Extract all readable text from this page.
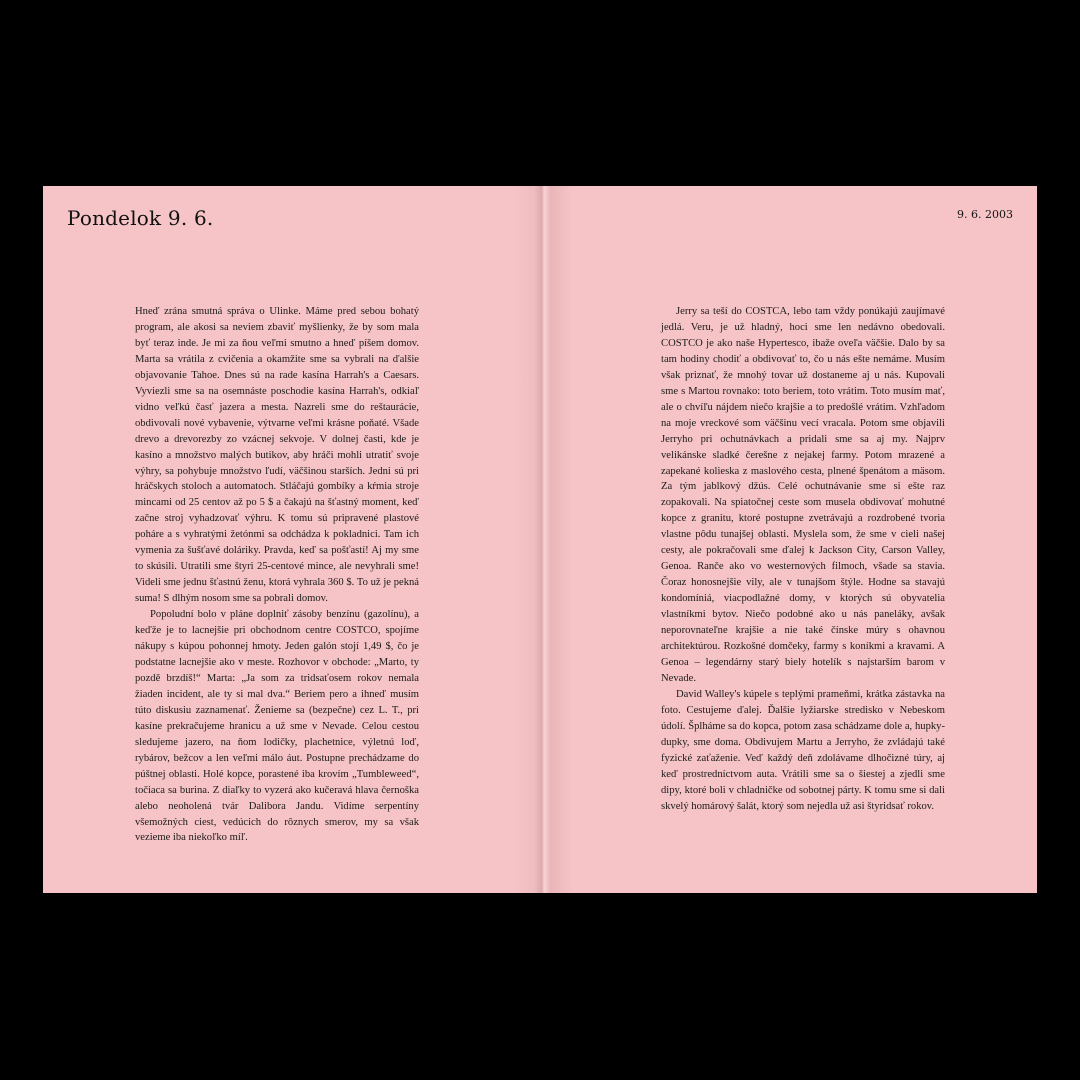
Pondelok 9. 6.	9. 6. 2003

Hneď zrána smutná správa o Ulinke. Máme pred sebou bohatý program, ale akosi sa neviem zbaviť myšlienky, že by som mala byť teraz inde. Je mi za ňou veľmi smutno a hneď píšem domov. Marta sa vrátila z cvičenia a okamžite sme sa vybrali na ďalšie objavovanie Tahoe. Dnes sú na rade kasína Harrah's a Caesars. Vyviezli sme sa na osemnáste poschodie kasína Harrah's, odkiaľ vidno veľkú časť jazera a mesta. Nazreli sme do reštaurácie, obdivovali nové vybavenie, výtvarne veľmi krásne poňaté. Všade drevo a drevorezby zo vzácnej sekvoje. V dolnej časti, kde je kasíno a množstvo malých butikov, aby hráči mohli utratiť svoje výhry, sa pohybuje množstvo ľudí, väčšinou starších. Jedni sú pri hráčskych stoloch a automatoch. Stláčajú gombíky a kŕmia stroje mincami od 25 centov až po 5 $ a čakajú na šťastný moment, keď začne stroj vyhadzovať výhru. K tomu sú pripravené plastové poháre a s vyhratými žetónmi sa odchádza k pokladnici. Tam ich vymenia za šušťavé doláriky. Pravda, keď sa pošťastí! Aj my sme to skúsili. Utratili sme štyri 25-centové mince, ale nevyhrali sme! Videli sme jednu šťastnú ženu, ktorá vyhrala 360 $. To už je pekná suma! S dlhým nosom sme sa pobrali domov.

Popoludní bolo v pláne doplniť zásoby benzínu (gazolínu), a keďže je to lacnejšie pri obchodnom centre COSTCO, spojíme nákupy s kúpou pohonnej hmoty. Jeden galón stojí 1,49 $, čo je podstatne lacnejšie ako v meste. Rozhovor v obchode: „Marto, ty pozdě brzdíš!“ Marta: „Ja som za tridsaťosem rokov nemala žiaden incident, ale ty si mal dva.“ Beriem pero a ihneď musím túto diskusiu zaznamenať. Ženieme sa (bezpečne) cez L. T., pri kasíne prekračujeme hranicu a už sme v Nevade. Celou cestou sledujeme jazero, na ňom lodičky, plachetnice, výletnú loď, rybárov, bežcov a len veľmi málo áut. Postupne prechádzame do púštnej oblasti. Holé kopce, porastené iba krovím „Tumbleweed“, točiaca sa burina. Z diaľky to vyzerá ako kučeravá hlava černoška alebo neoholená tvár Dalibora Jandu. Vidíme serpentíny všemožných ciest, vedúcich do rôznych smerov, my sa však vezieme iba niekoľko míľ.

Jerry sa teší do COSTCA, lebo tam vždy ponúkajú zaujímavé jedlá. Veru, je už hladný, hoci sme len nedávno obedovali. COSTCO je ako naše Hypertesco, ibaže oveľa väčšie. Dalo by sa tam hodiny chodiť a obdivovať to, čo u nás ešte nemáme. Musím však priznať, že mnohý tovar už dostaneme aj u nás. Kupovali sme s Martou rovnako: toto beriem, toto vrátim. Toto musím mať, ale o chvíľu nájdem niečo krajšie a to predošlé vrátim. Vzhľadom na moje vreckové som väčšinu vecí vracala. Potom sme objavili Jerryho pri ochutnávkach a pridali sme sa aj my. Najprv velikánske sladké čerešne z nejakej farmy. Potom mrazené a zapekané kolieska z maslového cesta, plnené špenátom a mäsom. Za tým jablkový džús. Celé ochutnávanie sme si ešte raz zopakovali. Na spiatočnej ceste som musela obdivovať mohutné kopce z granitu, ktoré postupne zvetrávajú a rozdrobené tvoria vlastne pôdu tunajšej oblasti. Myslela som, že sme v cieli našej cesty, ale pokračovali sme ďalej k Jackson City, Carson Valley, Genoa. Ranče ako vo westernových filmoch, všade sa stavia. Čoraz honosnejšie vily, ale v tunajšom štýle. Hodne sa stavajú kondomíniá, viacpodlažné domy, v ktorých sú obyvatelia vlastníkmi bytov. Niečo podobné ako u nás paneláky, avšak neporovnateľne krajšie a nie také čínske múry s ohavnou architektúrou. Rozkošné domčeky, farmy s koníkmi a kravami. A Genoa – legendárny starý biely hotelík s najstarším barom v Nevade.

David Walley's kúpele s teplými prameňmi, krátka zástavka na foto. Cestujeme ďalej. Ďalšie lyžiarske stredisko v Nebeskom údolí. Šplháme sa do kopca, potom zasa schádzame dole a, hupky-dupky, sme doma. Obdivujem Martu a Jerryho, že zvládajú také fyzické zaťaženie. Veď každý deň zdolávame dlhočizné túry, aj keď prostredníctvom auta. Vrátili sme sa o šiestej a zjedli sme dipy, ktoré boli v chladničke od sobotnej párty. K tomu sme si dali skvelý homárový šalát, ktorý som nejedla už asi štyridsať rokov.
